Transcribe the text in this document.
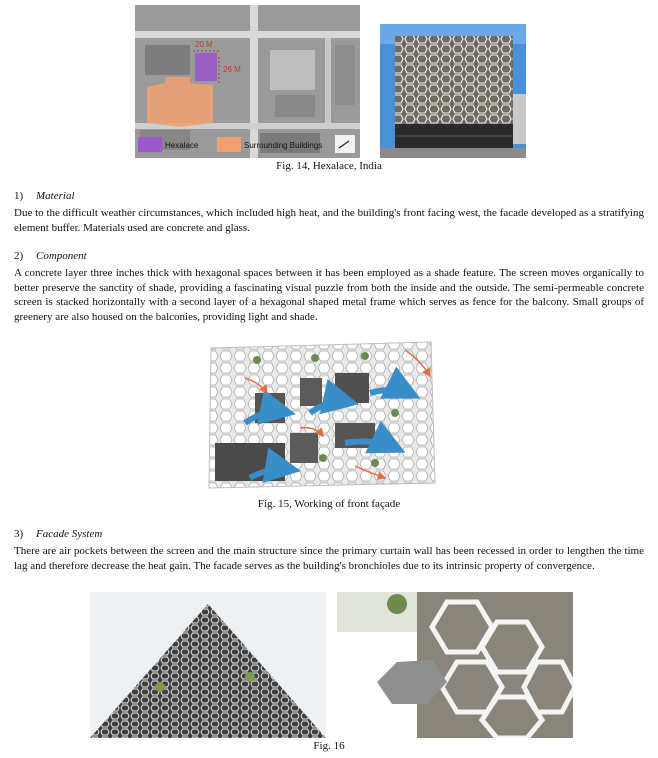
20 M
26 M
Hexalace	Surrounding Buildings
Fig. 14, Hexalace, India
1) Material
Due to the difficult weather circumstances, which included high heat, and the building's front facing west, the facade developed as a stratifying element buffer. Materials used are concrete and glass.
2) Component
A concrete layer three inches thick with hexagonal spaces between it has been employed as a shade feature. The screen moves organically to better preserve the sanctity of shade, providing a fascinating visual puzzle from both the inside and the outside. The semi-permeable concrete screen is stacked horizontally with a second layer of a hexagonal shaped metal frame which serves as fence for the balcony. Small groups of greenery are also housed on the balconies, providing light and shade.
Fig. 15, Working of front façade
3) Facade System
There are air pockets between the screen and the main structure since the primary curtain wall has been recessed in order to lengthen the time lag and therefore decrease the heat gain. The facade serves as the building's bronchioles due to its intrinsic property of convergence.
Fig. 16
